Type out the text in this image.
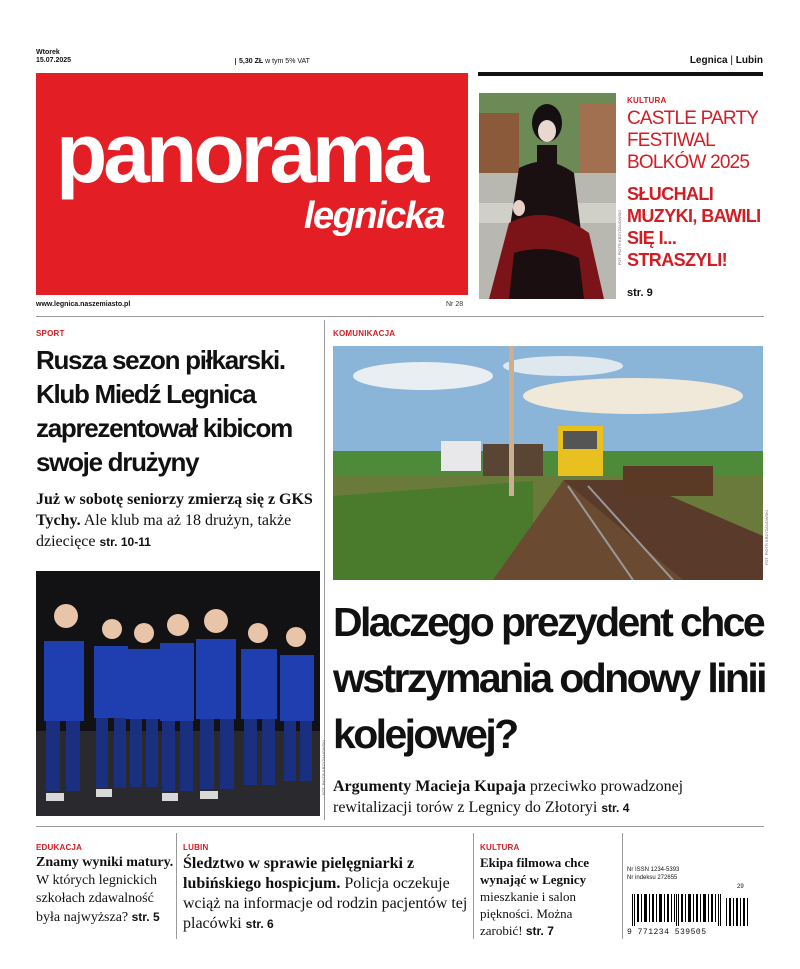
Wtorek
15.07.2025	5,30 ZŁ w tym 5% VAT	Legnica | Lubin
panorama
legnicka
www.legnica.naszemiasto.pl	Nr 28
FOT. PIOTR KRZYŻANOWSKI
KULTURA
CASTLE PARTY
FESTIWAL
BOLKÓW 2025
SŁUCHALI MUZYKI, BAWILI SIĘ I... STRASZYLI!
str. 9
SPORT
Rusza sezon piłkarski. Klub Miedź Legnica zaprezentował kibicom swoje drużyny
Już w sobotę seniorzy zmierzą się z GKS Tychy. Ale klub ma aż 18 drużyn, także dziecięce str. 10-11
FOT. PIOTR KRZYŻANOWSKI
KOMUNIKACJA
FOT. PIOTR KRZYŻANOWSKI
Dlaczego prezydent chce wstrzymania odnowy linii kolejowej?
Argumenty Macieja Kupaja przeciwko prowadzonej rewitalizacji torów z Legnicy do Złotoryi str. 4
EDUKACJA
Znamy wyniki matury. W których legnickich szkołach zdawalność była najwyższa? str. 5
LUBIN
Śledztwo w sprawie pielęgniarki z lubińskiego hospicjum. Policja oczekuje wciąż na informacje od rodzin pacjentów tej placówki str. 6
KULTURA
Ekipa filmowa chce wynająć w Legnicy mieszkanie i salon piękności. Można zarobić! str. 7
Nr ISSN 1234-5393
Nr indeksu 272655
29
9 771234 539505
